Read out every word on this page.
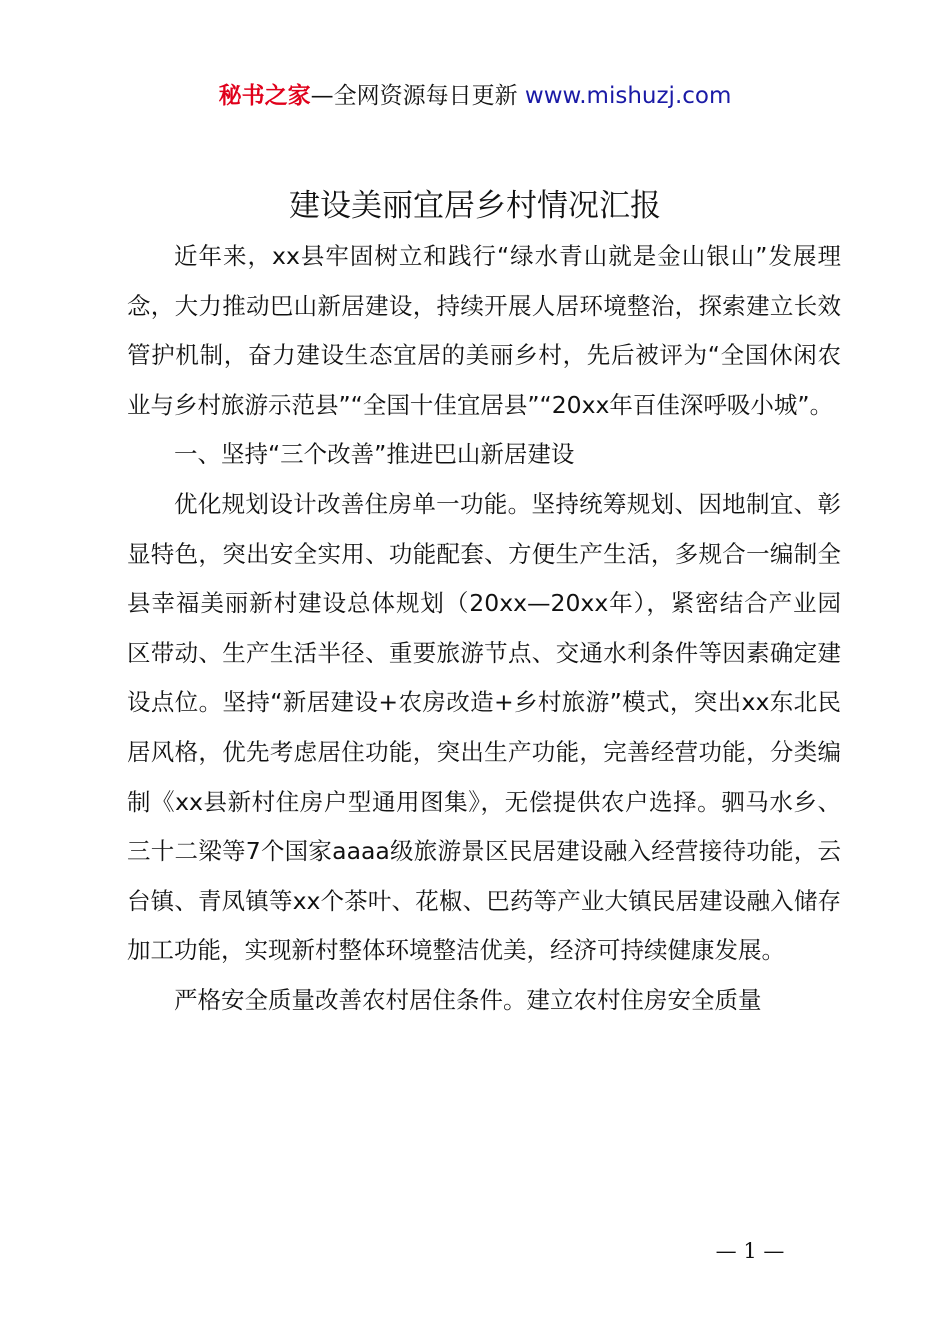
秘书之家—全网资源每日更新 www.mishuzj.com
建设美丽宜居乡村情况汇报

近年来，xx县牢固树立和践行“绿水青山就是金山银山”发展理念，大力推动巴山新居建设，持续开展人居环境整治，探索建立长效管护机制，奋力建设生态宜居的美丽乡村，先后被评为“全国休闲农业与乡村旅游示范县”“全国十佳宜居县”“20xx年百佳深呼吸小城”。

一、坚持“三个改善”推进巴山新居建设

优化规划设计改善住房单一功能。坚持统筹规划、因地制宜、彰显特色，突出安全实用、功能配套、方便生产生活，多规合一编制全县幸福美丽新村建设总体规划（20xx—20xx年），紧密结合产业园区带动、生产生活半径、重要旅游节点、交通水利条件等因素确定建设点位。坚持“新居建设+农房改造+乡村旅游”模式，突出xx东北民居风格，优先考虑居住功能，突出生产功能，完善经营功能，分类编制《xx县新村住房户型通用图集》，无偿提供农户选择。驷马水乡、三十二梁等7个国家aaaa级旅游景区民居建设融入经营接待功能，云台镇、青凤镇等xx个茶叶、花椒、巴药等产业大镇民居建设融入储存加工功能，实现新村整体环境整洁优美，经济可持续健康发展。

严格安全质量改善农村居住条件。建立农村住房安全质量

— 1 —
